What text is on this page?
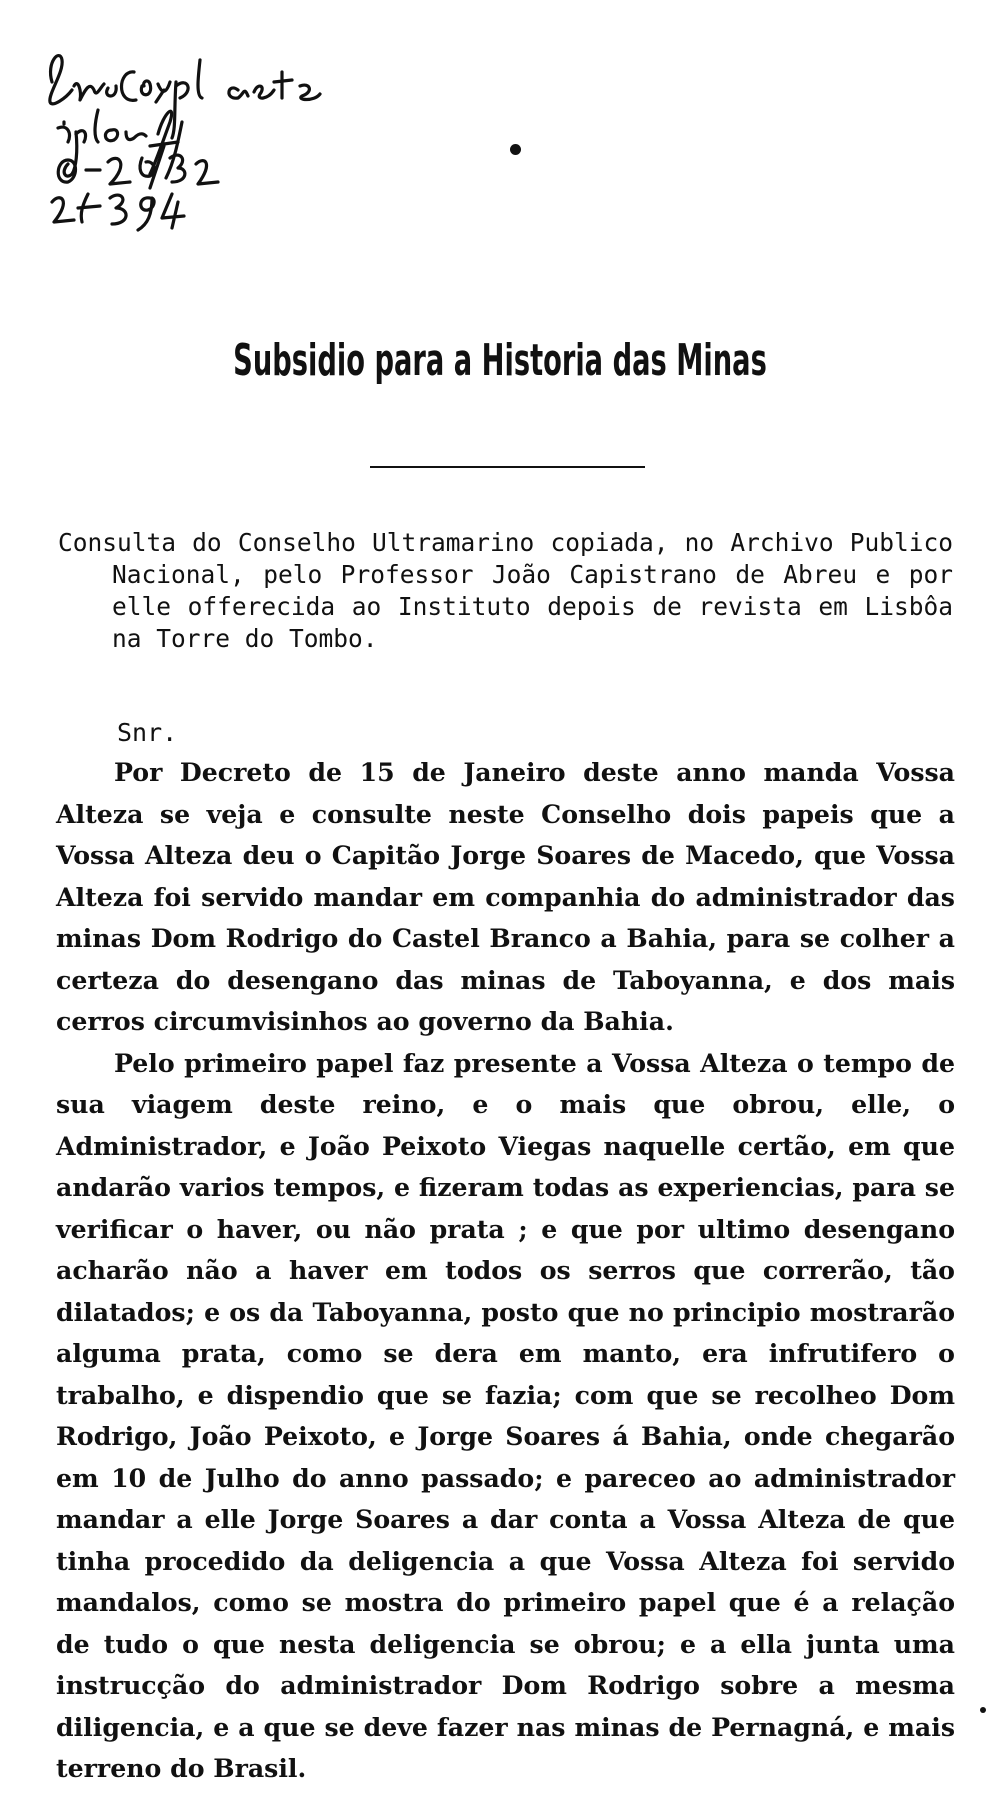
Subsidio para a Historia das Minas

Consulta do Conselho Ultramarino copiada, no Archivo Publico Nacional, pelo Professor João Capistrano de Abreu e por elle offerecida ao Instituto depois de revista em Lisbôa na Torre do Tombo.

Snr.

Por Decreto de 15 de Janeiro deste anno manda Vossa Alteza se veja e consulte neste Conselho dois papeis que a Vossa Alteza deu o Capitão Jorge Soares de Macedo, que Vossa Alteza foi servido mandar em companhia do administrador das minas Dom Rodrigo do Castel Branco a Bahia, para se colher a certeza do desengano das minas de Taboyanna, e dos mais cerros circumvisinhos ao governo da Bahia.

Pelo primeiro papel faz presente a Vossa Alteza o tempo de sua viagem deste reino, e o mais que obrou, elle, o Administrador, e João Peixoto Viegas naquelle certão, em que andarão varios tempos, e fizeram todas as experiencias, para se verificar o haver, ou não prata ; e que por ultimo desengano acharão não a haver em todos os serros que correrão, tão dilatados; e os da Taboyanna, posto que no principio mostrarão alguma prata, como se dera em manto, era infrutifero o trabalho, e dispendio que se fazia; com que se recolheo Dom Rodrigo, João Peixoto, e Jorge Soares á Bahia, onde chegarão em 10 de Julho do anno passado; e pareceo ao administrador mandar a elle Jorge Soares a dar conta a Vossa Alteza de que tinha procedido da deligencia a que Vossa Alteza foi servido mandalos, como se mostra do primeiro papel que é a relação de tudo o que nesta deligencia se obrou; e a ella junta uma instrucção do administrador Dom Rodrigo sobre a mesma diligencia, e a que se deve fazer nas minas de Pernagná, e mais terreno do Brasil.
